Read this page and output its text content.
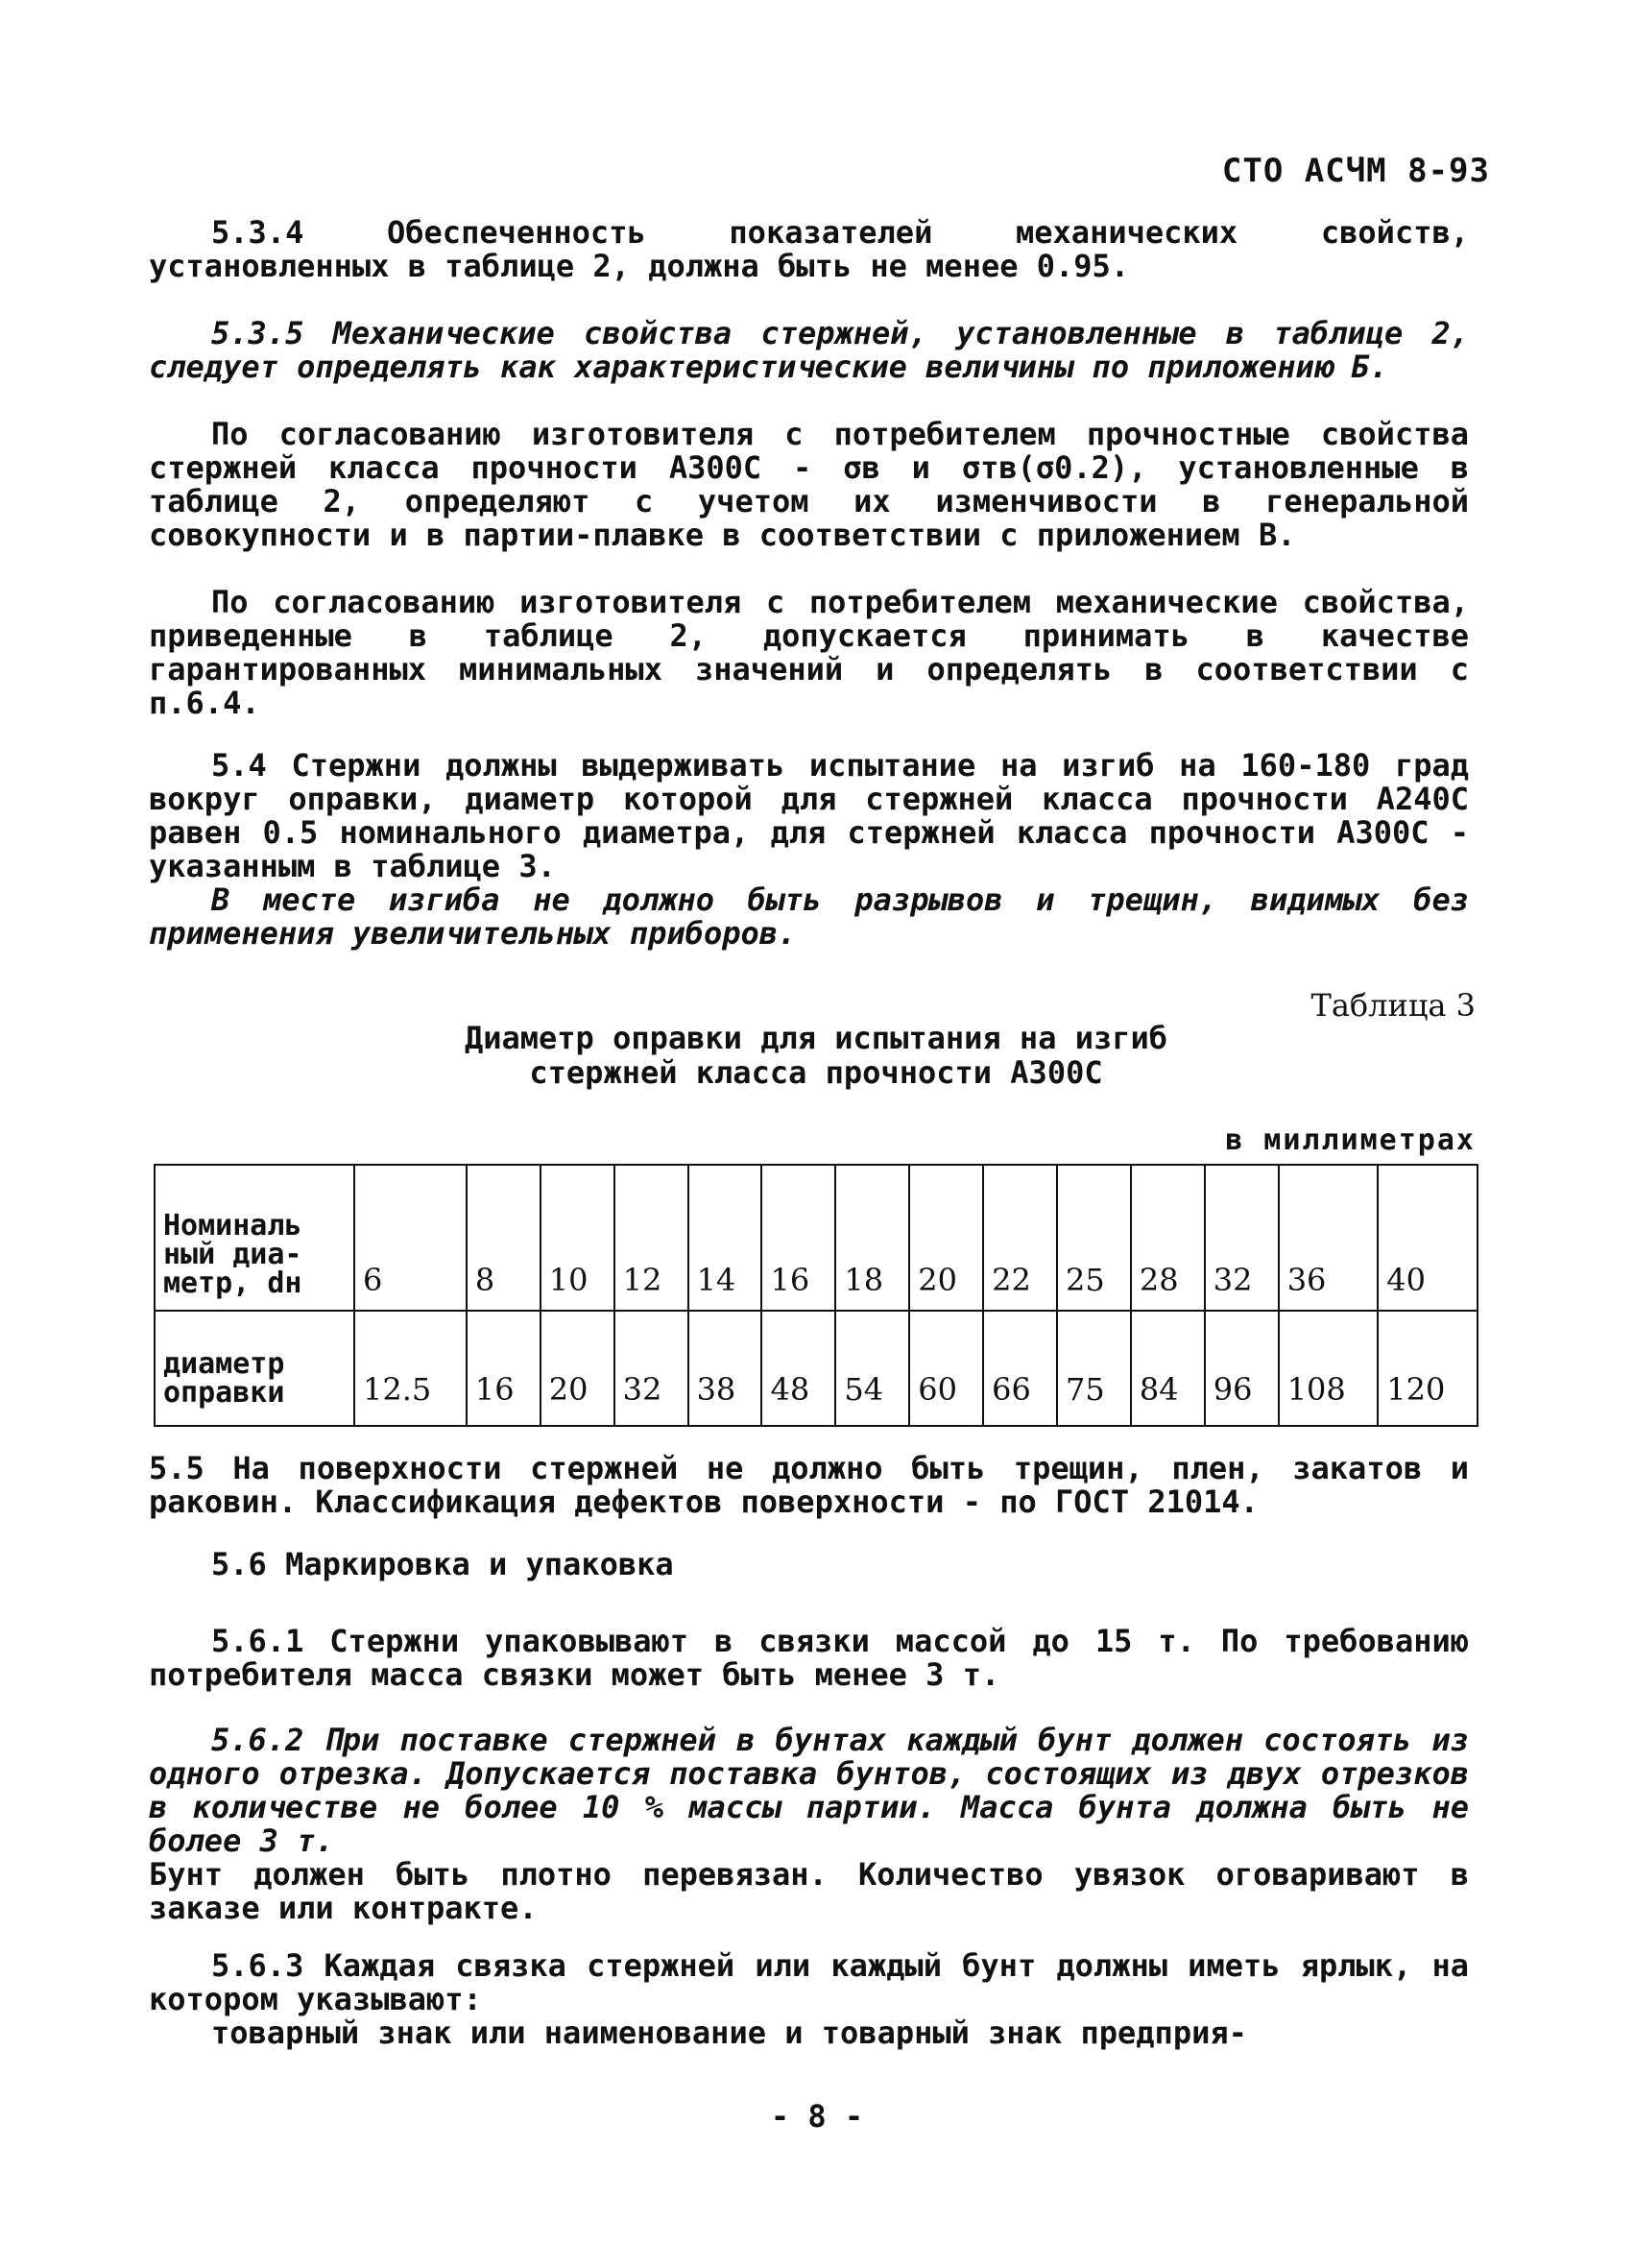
СТО АСЧМ 8-93
5.3.4 Обеспеченность показателей механических свойств, установленных в таблице 2, должна быть не менее 0.95.
5.3.5 Механические свойства стержней, установленные в таблице 2, следует определять как характеристические величины по приложению Б.
По согласованию изготовителя с потребителем прочностные свойства стержней класса прочности А300С - σв и σтв(σ0.2), установленные в таблице 2, определяют с учетом их изменчивости в генеральной совокупности и в партии-плавке в соответствии с приложением В.
По согласованию изготовителя с потребителем механические свойства, приведенные в таблице 2, допускается принимать в качестве гарантированных минимальных значений и определять в соответствии с п.6.4.
5.4 Стержни должны выдерживать испытание на изгиб на 160-180 град вокруг оправки, диаметр которой для стержней класса прочности А240С равен 0.5 номинального диаметра, для стержней класса прочности А300С - указанным в таблице 3.
В месте изгиба не должно быть разрывов и трещин, видимых без применения увеличительных приборов.
Таблица 3
Диаметр оправки для испытания на изгиб
стержней класса прочности А300С
в миллиметрах
Номиналь
ный диа-
метр, dн	6	8	10	12	14	16	18	20	22	25	28	32	36	40

диаметр
оправки	12.5	16	20	32	38	48	54	60	66	75	84	96	108	120
5.5 На поверхности стержней не должно быть трещин, плен, закатов и раковин. Классификация дефектов поверхности - по ГОСТ 21014.
5.6 Маркировка и упаковка
5.6.1 Стержни упаковывают в связки массой до 15 т. По требованию потребителя масса связки может быть менее 3 т.
5.6.2 При поставке стержней в бунтах каждый бунт должен состоять из одного отрезка. Допускается поставка бунтов, состоящих из двух отрезков в количестве не более 10 % массы партии. Масса бунта должна быть не более 3 т.
Бунт должен быть плотно перевязан. Количество увязок оговаривают в заказе или контракте.
5.6.3 Каждая связка стержней или каждый бунт должны иметь ярлык, на котором указывают:
товарный знак или наименование и товарный знак предприя-
- 8 -
